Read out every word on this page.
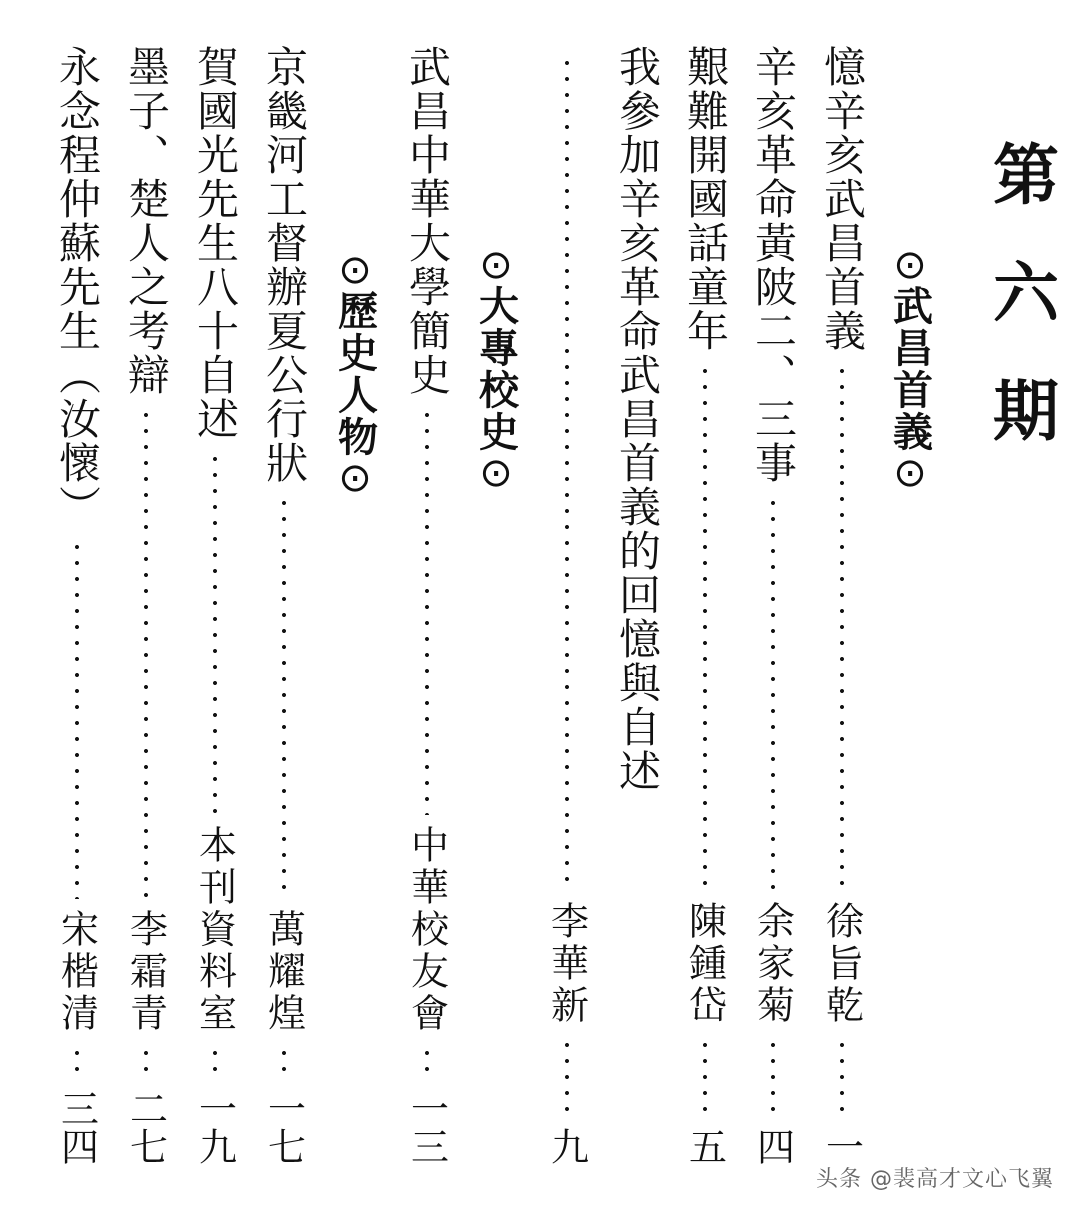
第六期
⊙
武昌首義
⊙
憶辛亥武昌首義
徐旨乾
一
辛亥革命黃陂二、三事
余家菊
四
艱難開國話童年
陳鍾岱
五
我參加辛亥革命武昌首義的回憶與自述
李華新
九
⊙
大專校史
⊙
武昌中華大學簡史
中華校友會
一三
⊙
歷史人物
⊙
京畿河工督辦夏公行狀
萬耀煌
一七
賀國光先生八十自述
本刊資料室
一九
墨子、楚人之考辯
李霜青
二七
永念程仲蘇先生（汝懷）
宋楷清
三四
头条 @裴高才文心飞翼
